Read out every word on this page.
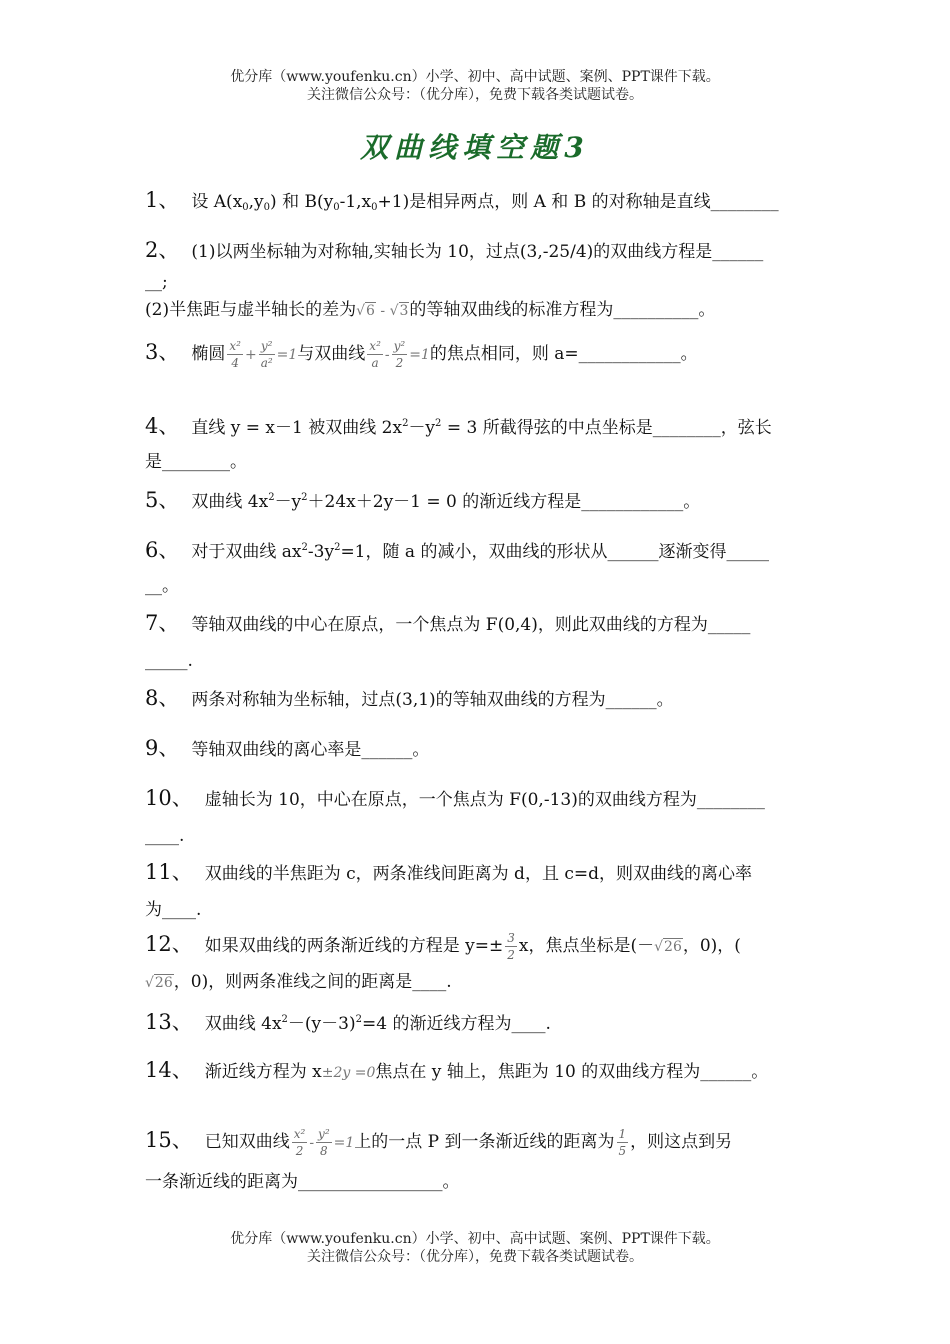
优分库（www.youfenku.cn）小学、初中、高中试题、案例、PPT课件下载。
关注微信公众号：（优分库），免费下载各类试题试卷。
双曲线填空题3
1、 设 $A(x_0,y_0)$ 和 $B(y_0-1,x_0+1)$是相异两点，则 A 和 B 的对称轴是直线________
2、 (1)以两坐标轴为对称轴,实轴长为 10，过点(3,-25/4)的双曲线方程是______
__;
(2)半焦距与虚半轴长的差为√6 - √3的等轴双曲线的标准方程为__________。
3、 椭圆 $\frac{\text{x²}}{4} + \frac{\text{y²}}{\text{a²}} =1$与双曲线 $\frac{\text{x²}}{a} - \frac{\text{y²}}{2} =1$的焦点相同，则 a=____________。
4、 直线 y = x－1 被双曲线 $2x^2-y^2 = 3$ 所截得弦的中点坐标是________，弦长
是________。
5、 双曲线 $4x^2-y^2+24x+2y-1 = 0$ 的渐近线方程是____________。
6、 对于双曲线 $ax^2-3y^2=1$，随 a 的减小，双曲线的形状从______逐渐变得_____
__。
7、 等轴双曲线的中心在原点，一个焦点为 F(0,4)，则此双曲线的方程为_____
_____.
8、 两条对称轴为坐标轴，过点(3,1)的等轴双曲线的方程为______。
9、 等轴双曲线的离心率是______。
10、 虚轴长为 10，中心在原点，一个焦点为 F(0,-13)的双曲线方程为________
____.
11、 双曲线的半焦距为 c，两条准线间距离为 d，且 c=d，则双曲线的离心率
为____.
12、 如果双曲线的两条渐近线的方程是 $y=\pm \frac{3}{2}$ x，焦点坐标是(－√26，0)，(
√26，0)，则两条准线之间的距离是____.
13、 双曲线 $4x^2-(y-3)^2=4$ 的渐近线方程为____.
14、 渐近线方程为 x±2y =0焦点在 y 轴上，焦距为 10 的双曲线方程为______。
15、 已知双曲线 $\frac{\text{x²}}{2} - \frac{\text{y²}}{8} =1$上的一点 P 到一条渐近线的距离为 $\frac{1}{5}$ ，则这点到另
一条渐近线的距离为_________________。
优分库（www.youfenku.cn）小学、初中、高中试题、案例、PPT课件下载。
关注微信公众号：（优分库），免费下载各类试题试卷。
